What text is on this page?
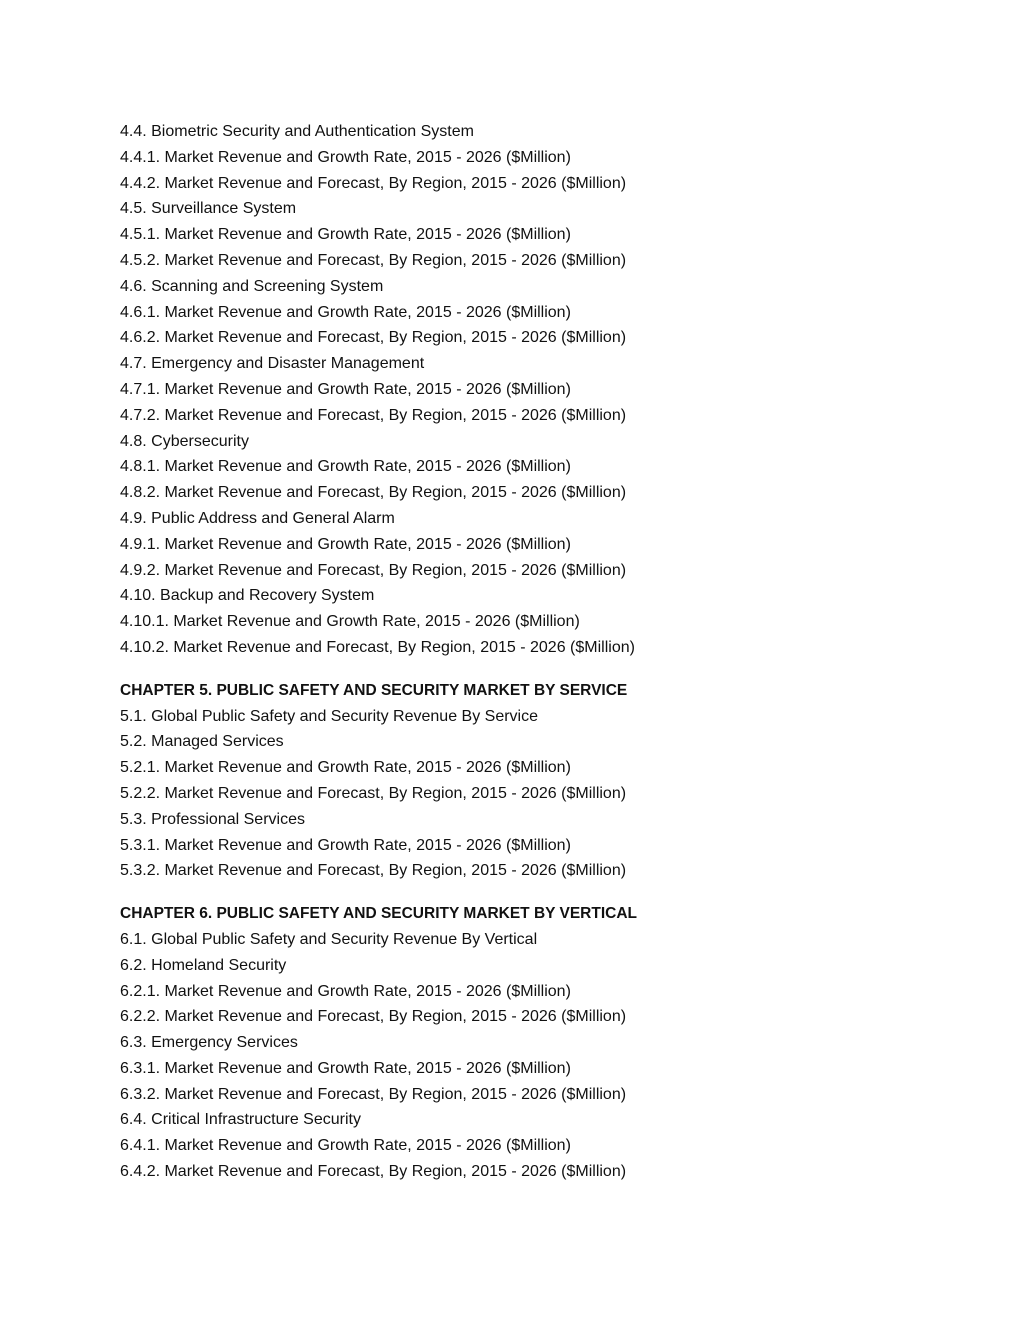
4.4. Biometric Security and Authentication System
4.4.1. Market Revenue and Growth Rate, 2015 - 2026 ($Million)
4.4.2. Market Revenue and Forecast, By Region, 2015 - 2026 ($Million)
4.5. Surveillance System
4.5.1. Market Revenue and Growth Rate, 2015 - 2026 ($Million)
4.5.2. Market Revenue and Forecast, By Region, 2015 - 2026 ($Million)
4.6. Scanning and Screening System
4.6.1. Market Revenue and Growth Rate, 2015 - 2026 ($Million)
4.6.2. Market Revenue and Forecast, By Region, 2015 - 2026 ($Million)
4.7. Emergency and Disaster Management
4.7.1. Market Revenue and Growth Rate, 2015 - 2026 ($Million)
4.7.2. Market Revenue and Forecast, By Region, 2015 - 2026 ($Million)
4.8. Cybersecurity
4.8.1. Market Revenue and Growth Rate, 2015 - 2026 ($Million)
4.8.2. Market Revenue and Forecast, By Region, 2015 - 2026 ($Million)
4.9. Public Address and General Alarm
4.9.1. Market Revenue and Growth Rate, 2015 - 2026 ($Million)
4.9.2. Market Revenue and Forecast, By Region, 2015 - 2026 ($Million)
4.10. Backup and Recovery System
4.10.1. Market Revenue and Growth Rate, 2015 - 2026 ($Million)
4.10.2. Market Revenue and Forecast, By Region, 2015 - 2026 ($Million)
CHAPTER 5. PUBLIC SAFETY AND SECURITY MARKET BY SERVICE
5.1. Global Public Safety and Security Revenue By Service
5.2. Managed Services
5.2.1. Market Revenue and Growth Rate, 2015 - 2026 ($Million)
5.2.2. Market Revenue and Forecast, By Region, 2015 - 2026 ($Million)
5.3. Professional Services
5.3.1. Market Revenue and Growth Rate, 2015 - 2026 ($Million)
5.3.2. Market Revenue and Forecast, By Region, 2015 - 2026 ($Million)
CHAPTER 6. PUBLIC SAFETY AND SECURITY MARKET BY VERTICAL
6.1. Global Public Safety and Security Revenue By Vertical
6.2. Homeland Security
6.2.1. Market Revenue and Growth Rate, 2015 - 2026 ($Million)
6.2.2. Market Revenue and Forecast, By Region, 2015 - 2026 ($Million)
6.3. Emergency Services
6.3.1. Market Revenue and Growth Rate, 2015 - 2026 ($Million)
6.3.2. Market Revenue and Forecast, By Region, 2015 - 2026 ($Million)
6.4. Critical Infrastructure Security
6.4.1. Market Revenue and Growth Rate, 2015 - 2026 ($Million)
6.4.2. Market Revenue and Forecast, By Region, 2015 - 2026 ($Million)
